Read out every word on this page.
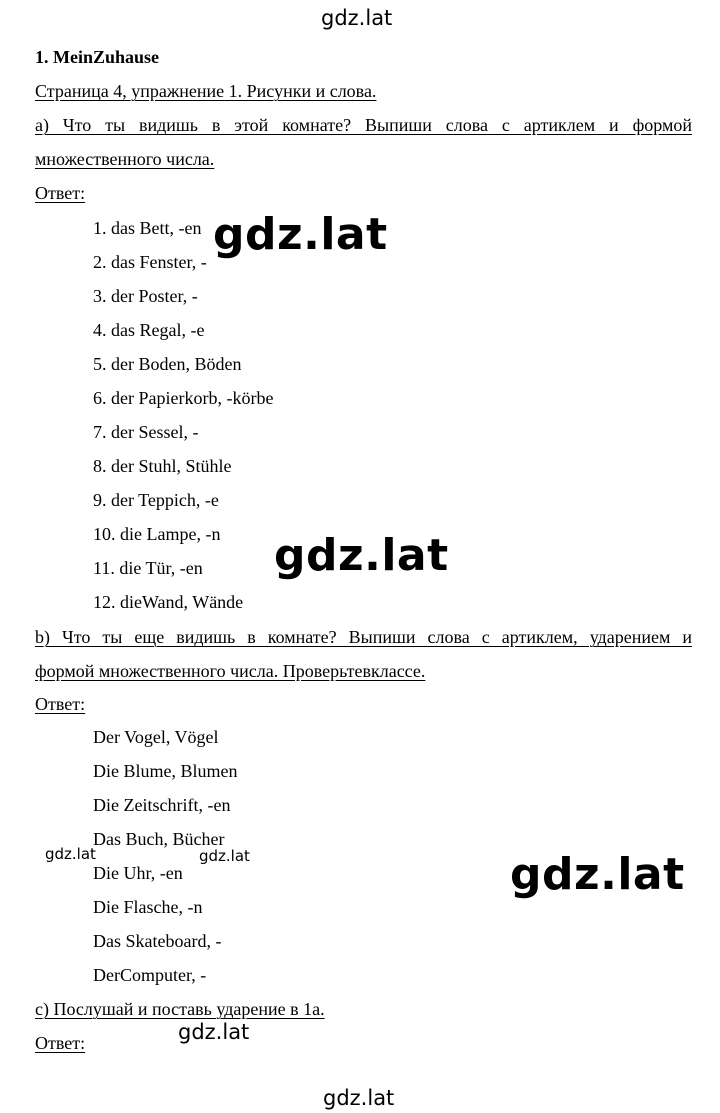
gdz.lat
1. MeinZuhause
Страница 4, упражнение 1. Рисунки и слова.
a) Что ты видишь в этой комнате? Выпиши слова с артиклем и формой
множественного числа.
Ответ:
1. das Bett, -en
2. das Fenster, -
3. der Poster, -
4. das Regal, -e
5. der Boden, Böden
6. der Papierkorb, -körbe
7. der Sessel, -
8. der Stuhl, Stühle
9. der Teppich, -e
10. die Lampe, -n
11. die Tür, -en
12. dieWand, Wände
gdz.lat
gdz.lat
b) Что ты еще видишь в комнате? Выпиши слова с артиклем, ударением и
формой множественного числа. Проверьтевклассе.
Ответ:
Der Vogel, Vögel
Die Blume, Blumen
Die Zeitschrift, -en
Das Buch, Bücher
Die Uhr, -en
Die Flasche, -n
Das Skateboard, -
DerComputer, -
gdz.lat	gdz.lat	gdz.lat
c) Послушай и поставь ударение в 1a.
gdz.lat
Ответ:
gdz.lat
